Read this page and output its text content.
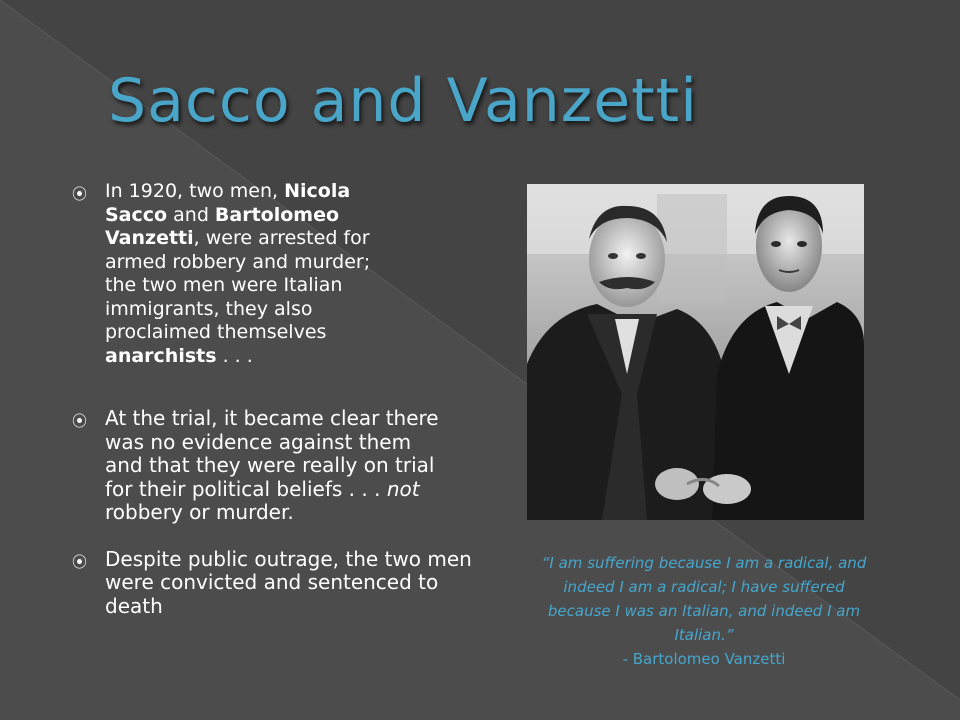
Sacco and Vanzetti
⦿ In 1920, two men, Nicola Sacco and Bartolomeo Vanzetti, were arrested for armed robbery and murder; the two men were Italian immigrants, they also proclaimed themselves anarchists . . .
⦿ At the trial, it became clear there was no evidence against them and that they were really on trial for their political beliefs . . . not robbery or murder.
⦿ Despite public outrage, the two men were convicted and sentenced to death
“I am suffering because I am a radical, and indeed I am a radical; I have suffered because I was an Italian, and indeed I am Italian.”
- Bartolomeo Vanzetti
